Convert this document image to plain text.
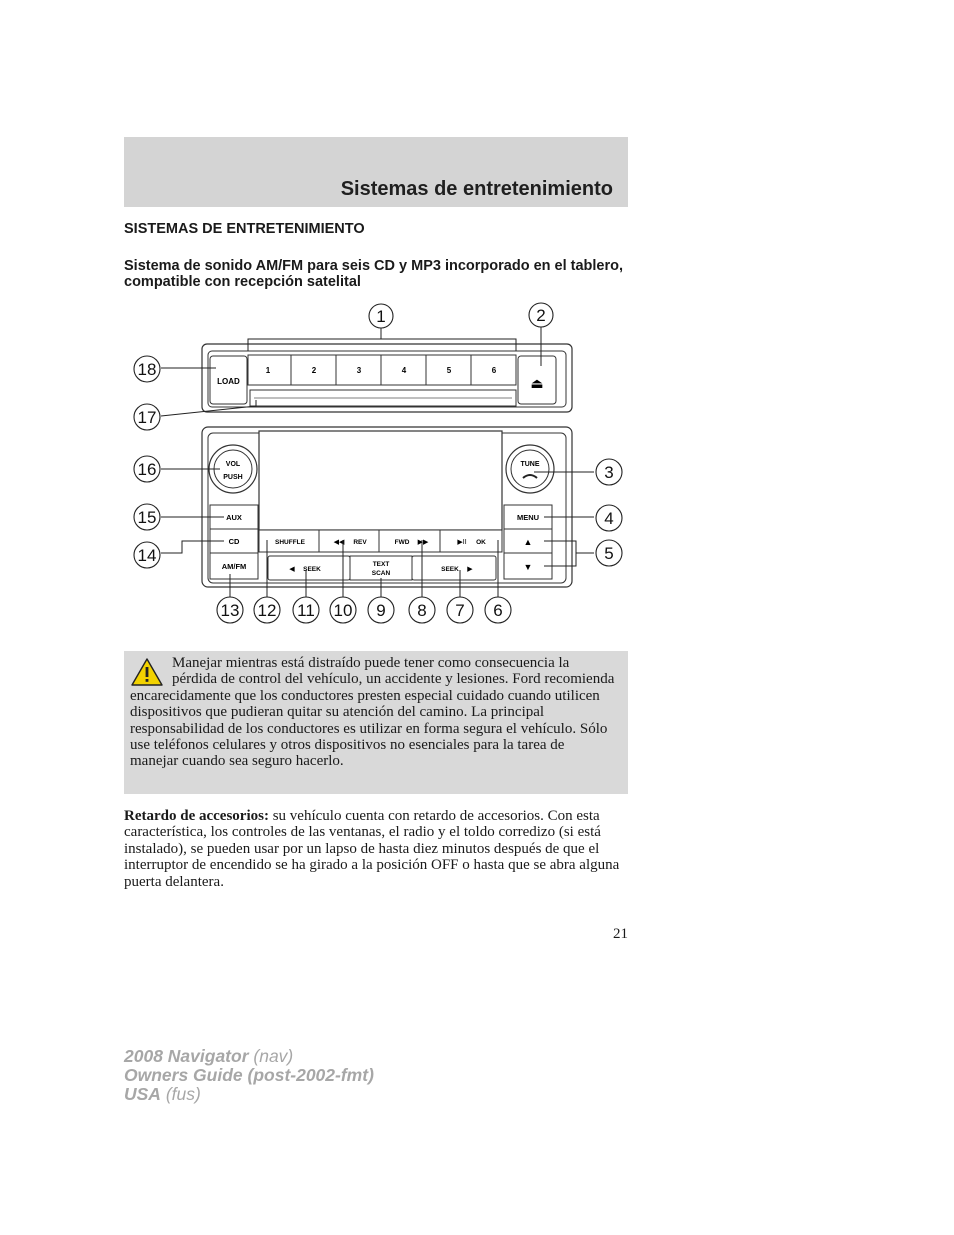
Sistemas de entretenimiento
SISTEMAS DE ENTRETENIMIENTO
Sistema de sonido AM/FM para seis CD y MP3 incorporado en el tablero, compatible con recepción satelital
LOAD
1	2	3	4	5	6
⏏
VOL
PUSH
TUNE
AUX
CD
AM/FM
MENU
▲
▼
SHUFFLE	◀◀ REV	FWD ▶▶	▶II OK
◀ SEEK
TEXT
SCAN
SEEK ▶
1	2
3
4
5
6
7
8
9
10
11
12
13
14
15
16
17
18

Manejar mientras está distraído puede tener como consecuencia la pérdida de control del vehículo, un accidente y lesiones. Ford recomienda encarecidamente que los conductores presten especial cuidado cuando utilicen dispositivos que pudieran quitar su atención del camino. La principal responsabilidad de los conductores es utilizar en forma segura el vehículo. Sólo use teléfonos celulares y otros dispositivos no esenciales para la tarea de manejar cuando sea seguro hacerlo.

Retardo de accesorios: su vehículo cuenta con retardo de accesorios. Con esta característica, los controles de las ventanas, el radio y el toldo corredizo (si está instalado), se pueden usar por un lapso de hasta diez minutos después de que el interruptor de encendido se ha girado a la posición OFF o hasta que se abra alguna puerta delantera.

21
2008 Navigator (nav)
Owners Guide (post-2002-fmt)
USA (fus)
